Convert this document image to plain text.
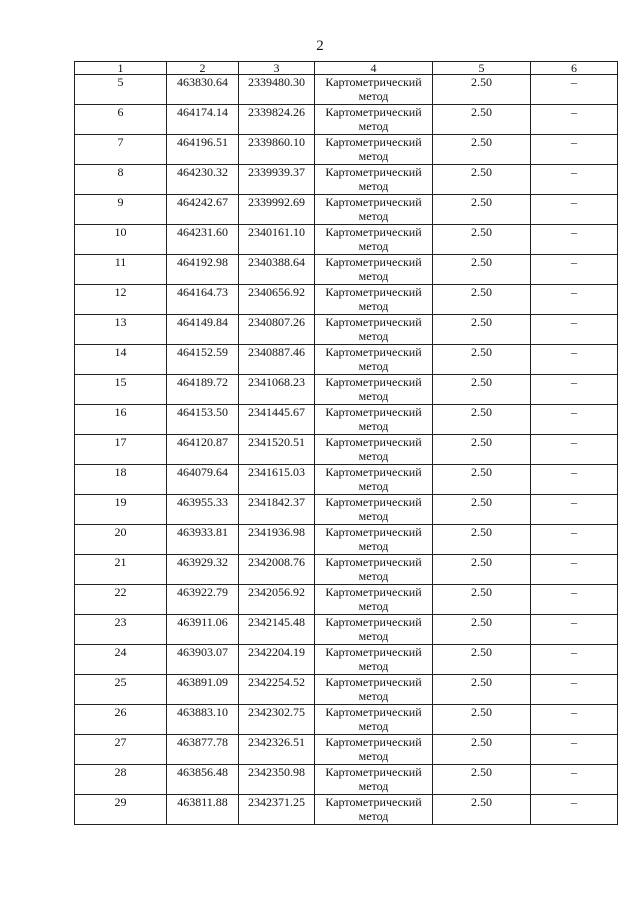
2
1	2	3	4	5	6
5	463830.64	2339480.30	Картометрический метод	2.50	–
6	464174.14	2339824.26	Картометрический метод	2.50	–
7	464196.51	2339860.10	Картометрический метод	2.50	–
8	464230.32	2339939.37	Картометрический метод	2.50	–
9	464242.67	2339992.69	Картометрический метод	2.50	–
10	464231.60	2340161.10	Картометрический метод	2.50	–
11	464192.98	2340388.64	Картометрический метод	2.50	–
12	464164.73	2340656.92	Картометрический метод	2.50	–
13	464149.84	2340807.26	Картометрический метод	2.50	–
14	464152.59	2340887.46	Картометрический метод	2.50	–
15	464189.72	2341068.23	Картометрический метод	2.50	–
16	464153.50	2341445.67	Картометрический метод	2.50	–
17	464120.87	2341520.51	Картометрический метод	2.50	–
18	464079.64	2341615.03	Картометрический метод	2.50	–
19	463955.33	2341842.37	Картометрический метод	2.50	–
20	463933.81	2341936.98	Картометрический метод	2.50	–
21	463929.32	2342008.76	Картометрический метод	2.50	–
22	463922.79	2342056.92	Картометрический метод	2.50	–
23	463911.06	2342145.48	Картометрический метод	2.50	–
24	463903.07	2342204.19	Картометрический метод	2.50	–
25	463891.09	2342254.52	Картометрический метод	2.50	–
26	463883.10	2342302.75	Картометрический метод	2.50	–
27	463877.78	2342326.51	Картометрический метод	2.50	–
28	463856.48	2342350.98	Картометрический метод	2.50	–
29	463811.88	2342371.25	Картометрический метод	2.50	–
